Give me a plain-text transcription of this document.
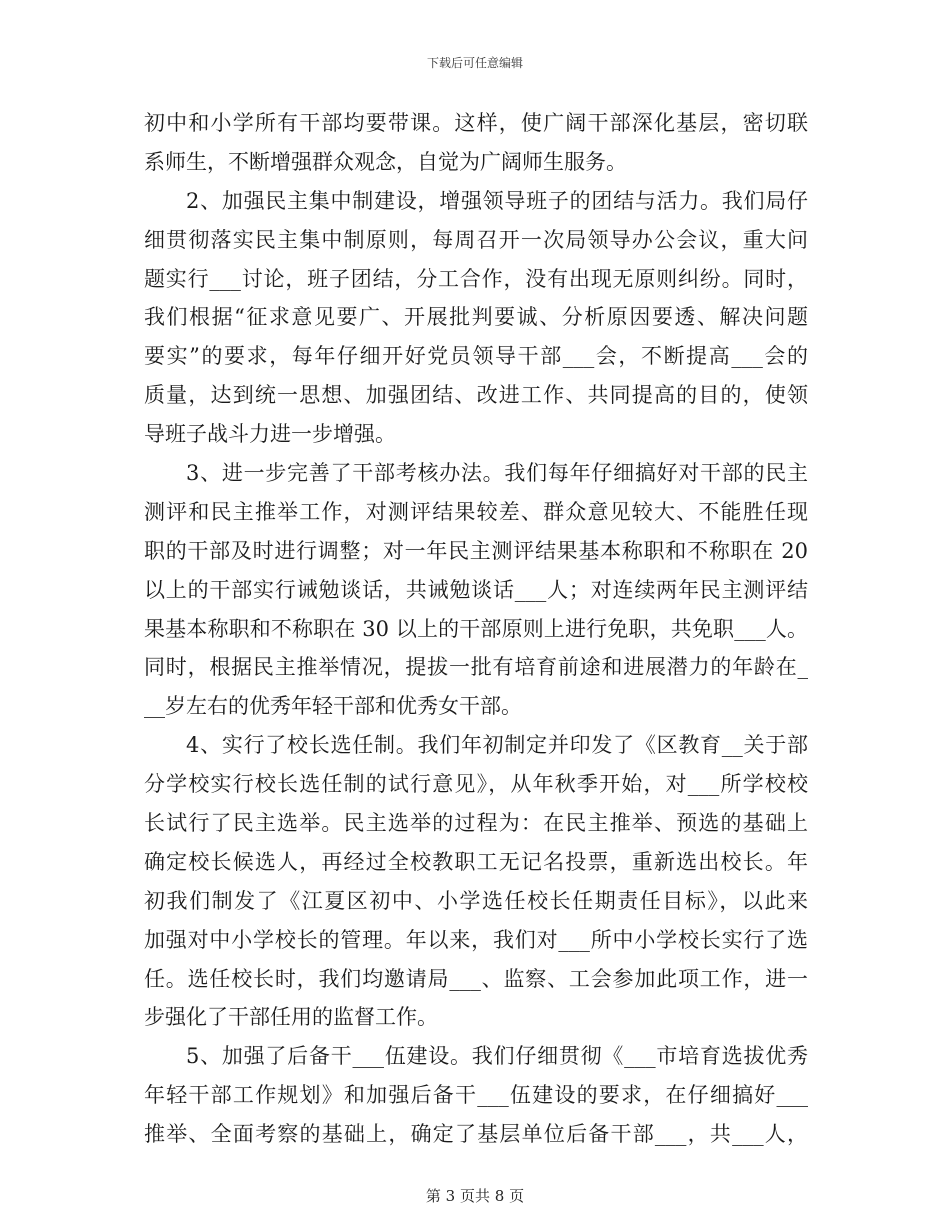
下载后可任意编辑
初中和小学所有干部均要带课。这样，使广阔干部深化基层，密切联
系师生，不断增强群众观念，自觉为广阔师生服务。
2、加强民主集中制建设，增强领导班子的团结与活力。我们局仔
细贯彻落实民主集中制原则，每周召开一次局领导办公会议，重大问
题实行___讨论，班子团结，分工合作，没有出现无原则纠纷。同时，
我们根据“征求意见要广、开展批判要诚、分析原因要透、解决问题
要实”的要求，每年仔细开好党员领导干部___会，不断提高___会的
质量，达到统一思想、加强团结、改进工作、共同提高的目的，使领
导班子战斗力进一步增强。
3、进一步完善了干部考核办法。我们每年仔细搞好对干部的民主
测评和民主推举工作，对测评结果较差、群众意见较大、不能胜任现
职的干部及时进行调整；对一年民主测评结果基本称职和不称职在 20
以上的干部实行诫勉谈话，共诫勉谈话___人；对连续两年民主测评结
果基本称职和不称职在 30 以上的干部原则上进行免职，共免职___人。
同时，根据民主推举情况，提拔一批有培育前途和进展潜力的年龄在_
__岁左右的优秀年轻干部和优秀女干部。
4、实行了校长选任制。我们年初制定并印发了《区教育__关于部
分学校实行校长选任制的试行意见》，从年秋季开始，对___所学校校
长试行了民主选举。民主选举的过程为：在民主推举、预选的基础上
确定校长候选人，再经过全校教职工无记名投票，重新选出校长。年
初我们制发了《江夏区初中、小学选任校长任期责任目标》，以此来
加强对中小学校长的管理。年以来，我们对___所中小学校长实行了选
任。选任校长时，我们均邀请局___、监察、工会参加此项工作，进一
步强化了干部任用的监督工作。
5、加强了后备干___伍建设。我们仔细贯彻《___市培育选拔优秀
年轻干部工作规划》和加强后备干___伍建设的要求，在仔细搞好___
推举、全面考察的基础上，确定了基层单位后备干部___，共___人，
第 3 页共 8 页
